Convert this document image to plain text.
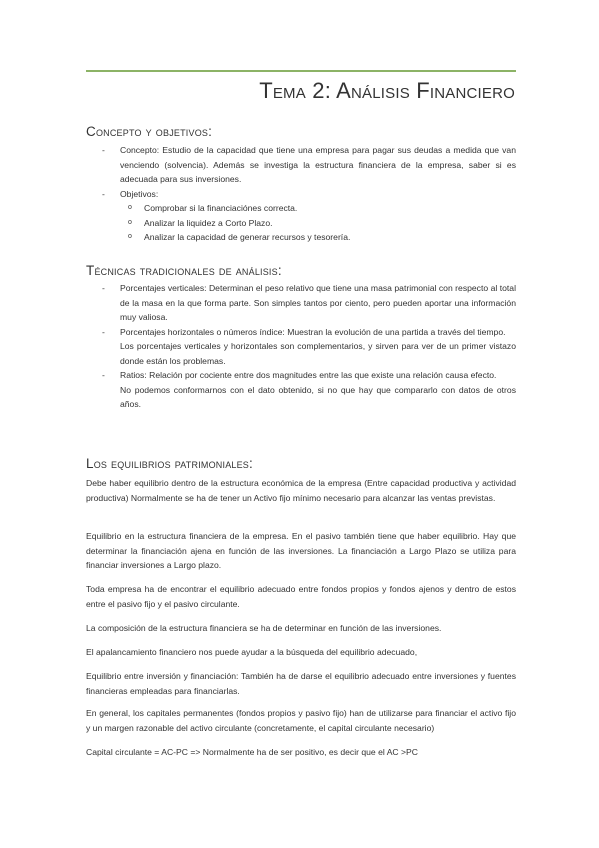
Tema 2: Análisis Financiero
Concepto y objetivos:
- Concepto: Estudio de la capacidad que tiene una empresa para pagar sus deudas a medida que van venciendo (solvencia). Además se investiga la estructura financiera de la empresa, saber si es adecuada para sus inversiones.

- Objetivos:

o Comprobar si la financiaciónes correcta.
o Analizar la liquidez a Corto Plazo.
o Analizar la capacidad de generar recursos y tesorería.
Técnicas tradicionales de análisis:
- Porcentajes verticales: Determinan el peso relativo que tiene una masa patrimonial con respecto al total de la masa en la que forma parte. Son simples tantos por ciento, pero pueden aportar una información muy valiosa.

- Porcentajes horizontales o números índice: Muestran la evolución de una partida a través del tiempo.

Los porcentajes verticales y horizontales son complementarios, y sirven para ver de un primer vistazo donde están los problemas.

- Ratios: Relación por cociente entre dos magnitudes entre las que existe una relación causa efecto.

No podemos conformarnos con el dato obtenido, si no que hay que compararlo con datos de otros años.

Los equilibrios patrimoniales:

Debe haber equilibrio dentro de la estructura económica de la empresa (Entre capacidad productiva y actividad productiva) Normalmente se ha de tener un Activo fijo mínimo necesario para alcanzar las ventas previstas.

Equilibrio en la estructura financiera de la empresa. En el pasivo también tiene que haber equilibrio. Hay que determinar la financiación ajena en función de las inversiones. La financiación a Largo Plazo se utiliza para financiar inversiones a Largo plazo.

Toda empresa ha de encontrar el equilibrio adecuado entre fondos propios y fondos ajenos y dentro de estos entre el pasivo fijo y el pasivo circulante.

La composición de la estructura financiera se ha de determinar en función de las inversiones.

El apalancamiento financiero nos puede ayudar a la búsqueda del equilibrio adecuado,

Equilibrio entre inversión y financiación: También ha de darse el equilibrio adecuado entre inversiones y fuentes financieras empleadas para financiarlas.

En general, los capitales permanentes (fondos propios y pasivo fijo) han de utilizarse para financiar el activo fijo y un margen razonable del activo circulante (concretamente, el capital circulante necesario)

Capital circulante = AC-PC => Normalmente ha de ser positivo, es decir que el AC >PC
